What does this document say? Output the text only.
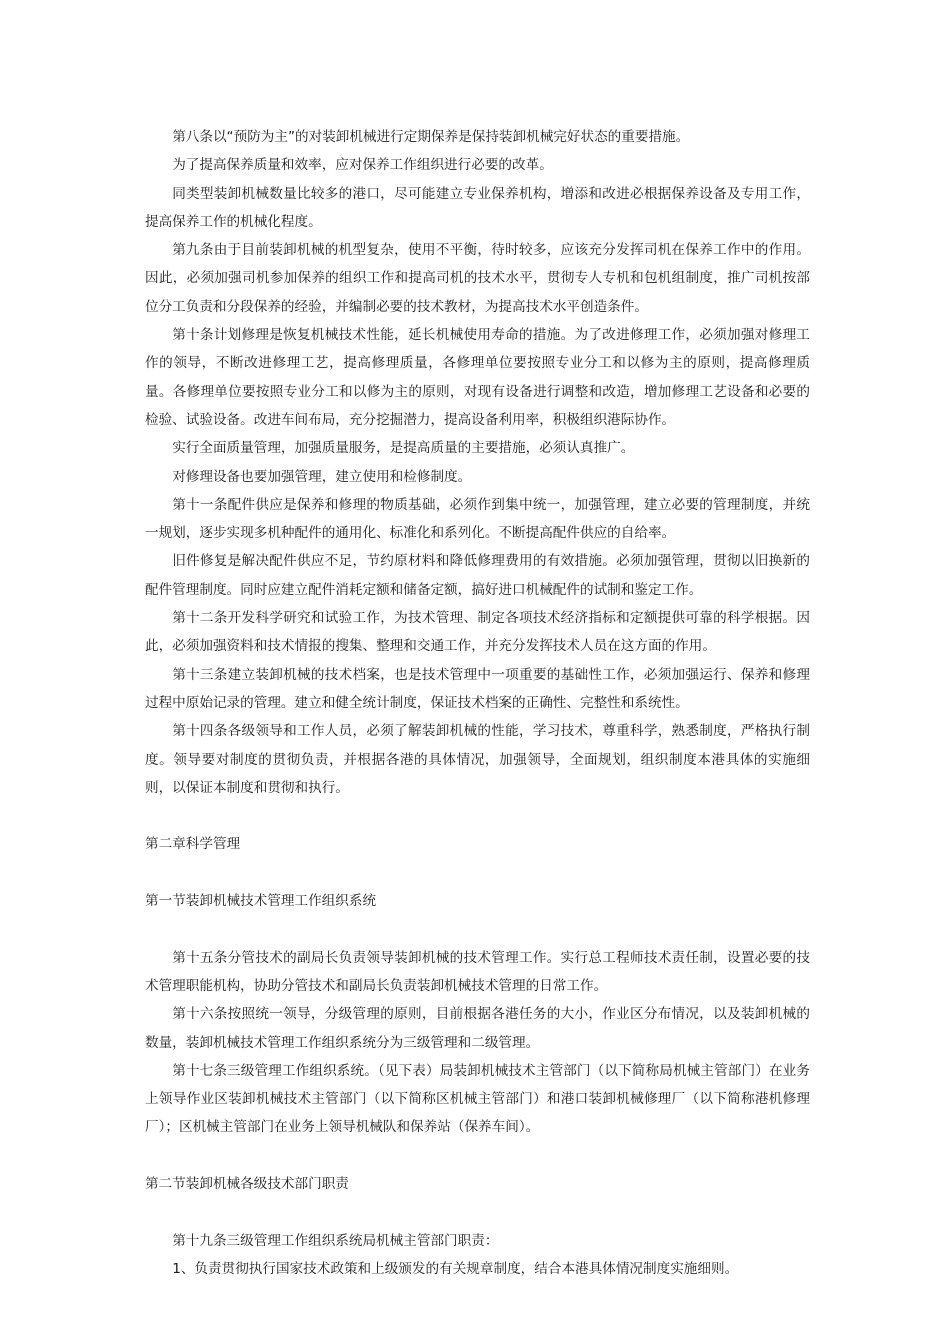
第八条以“预防为主”的对装卸机械进行定期保养是保持装卸机械完好状态的重要措施。

为了提高保养质量和效率，应对保养工作组织进行必要的改革。

同类型装卸机械数量比较多的港口，尽可能建立专业保养机构，增添和改进必根据保养设备及专用工作，提高保养工作的机械化程度。

第九条由于目前装卸机械的机型复杂，使用不平衡，待时较多，应该充分发挥司机在保养工作中的作用。因此，必须加强司机参加保养的组织工作和提高司机的技术水平，贯彻专人专机和包机组制度，推广司机按部位分工负责和分段保养的经验，并编制必要的技术教材，为提高技术水平创造条件。

第十条计划修理是恢复机械技术性能，延长机械使用寿命的措施。为了改进修理工作，必须加强对修理工作的领导，不断改进修理工艺，提高修理质量，各修理单位要按照专业分工和以修为主的原则，提高修理质量。各修理单位要按照专业分工和以修为主的原则，对现有设备进行调整和改造，增加修理工艺设备和必要的检验、试验设备。改进车间布局，充分挖掘潜力，提高设备利用率，积极组织港际协作。

实行全面质量管理，加强质量服务，是提高质量的主要措施，必须认真推广。

对修理设备也要加强管理，建立使用和检修制度。

第十一条配件供应是保养和修理的物质基础，必须作到集中统一，加强管理，建立必要的管理制度，并统一规划，逐步实现多机种配件的通用化、标准化和系列化。不断提高配件供应的自给率。

旧件修复是解决配件供应不足，节约原材料和降低修理费用的有效措施。必须加强管理，贯彻以旧换新的配件管理制度。同时应建立配件消耗定额和储备定额，搞好进口机械配件的试制和鉴定工作。

第十二条开发科学研究和试验工作，为技术管理、制定各项技术经济指标和定额提供可靠的科学根据。因此，必须加强资料和技术情报的搜集、整理和交通工作，并充分发挥技术人员在这方面的作用。

第十三条建立装卸机械的技术档案，也是技术管理中一项重要的基础性工作，必须加强运行、保养和修理过程中原始记录的管理。建立和健全统计制度，保证技术档案的正确性、完整性和系统性。

第十四条各级领导和工作人员，必须了解装卸机械的性能，学习技术，尊重科学，熟悉制度，严格执行制度。领导要对制度的贯彻负责，并根据各港的具体情况，加强领导，全面规划，组织制度本港具体的实施细则，以保证本制度和贯彻和执行。

第二章科学管理

第一节装卸机械技术管理工作组织系统

第十五条分管技术的副局长负责领导装卸机械的技术管理工作。实行总工程师技术责任制，设置必要的技术管理职能机构，协助分管技术和副局长负责装卸机械技术管理的日常工作。

第十六条按照统一领导，分级管理的原则，目前根据各港任务的大小，作业区分布情况，以及装卸机械的数量，装卸机械技术管理工作组织系统分为三级管理和二级管理。

第十七条三级管理工作组织系统。（见下表）局装卸机械技术主管部门（以下简称局机械主管部门）在业务上领导作业区装卸机械技术主管部门（以下简称区机械主管部门）和港口装卸机械修理厂（以下简称港机修理厂）；区机械主管部门在业务上领导机械队和保养站（保养车间）。

第二节装卸机械各级技术部门职责

第十九条三级管理工作组织系统局机械主管部门职责：

1、负责贯彻执行国家技术政策和上级颁发的有关规章制度，结合本港具体情况制度实施细则。
